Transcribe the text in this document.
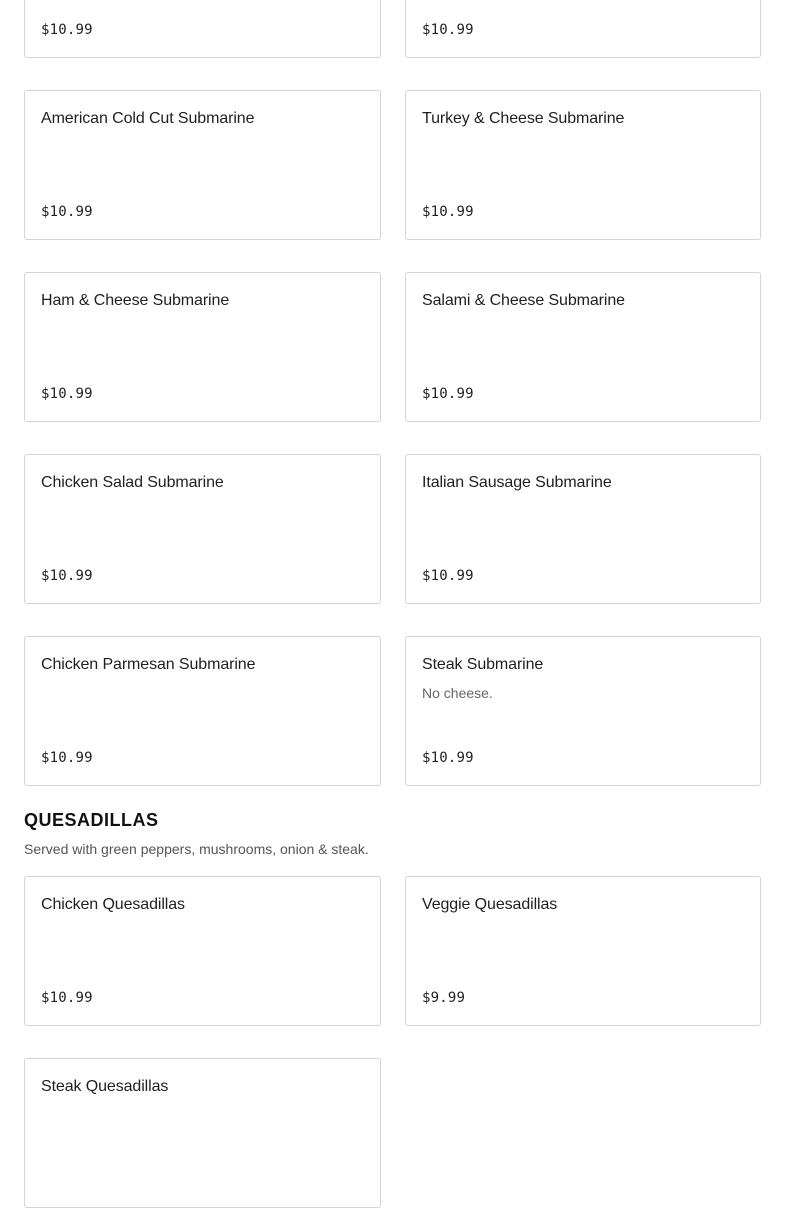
$10.99	$10.99
American Cold Cut Submarine
$10.99
Turkey & Cheese Submarine
$10.99
Ham & Cheese Submarine
$10.99
Salami & Cheese Submarine
$10.99
Chicken Salad Submarine
$10.99
Italian Sausage Submarine
$10.99
Chicken Parmesan Submarine
$10.99
Steak Submarine
No cheese.
$10.99
QUESADILLAS
Served with green peppers, mushrooms, onion & steak.
Chicken Quesadillas
$10.99
Veggie Quesadillas
$9.99
Steak Quesadillas
